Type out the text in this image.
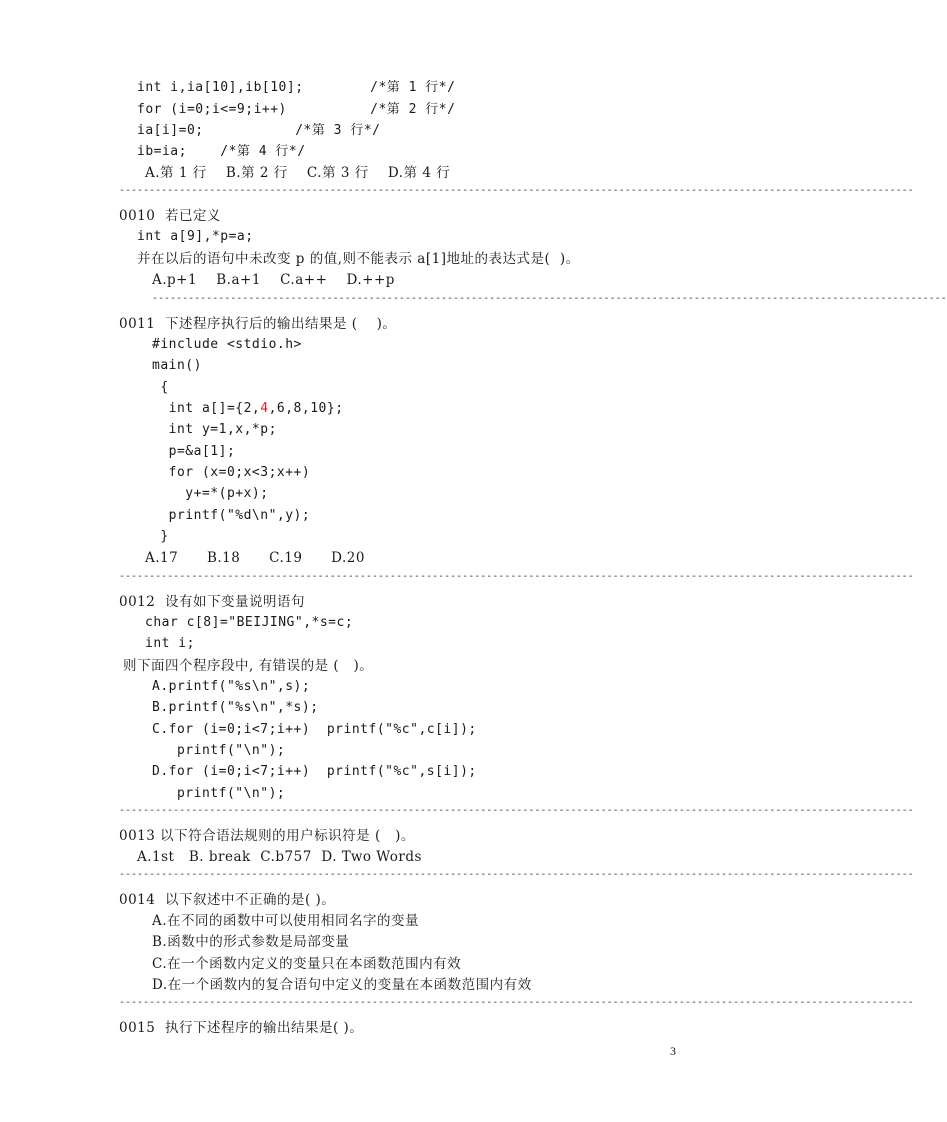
int i,ia[10],ib[10];        /*第 1 行*/
for (i=0;i<=9;i++)          /*第 2 行*/
ia[i]=0;           /*第 3 行*/
ib=ia;    /*第 4 行*/
A.第 1 行    B.第 2 行    C.第 3 行    D.第 4 行
------------------------------------------------------------------------------------------------------------------------------------
0010  若已定义
int a[9],*p=a;
并在以后的语句中未改变 p 的值,则不能表示 a[1]地址的表达式是(  )。
A.p+1    B.a+1    C.a++    D.++p
------------------------------------------------------------------------------------------------------------------------------------
0011  下述程序执行后的输出结果是 (    )。
#include <stdio.h>
main()
{
int a[]={2,4,6,8,10};
int y=1,x,*p;
p=&a[1];
for (x=0;x<3;x++)
y+=*(p+x);
printf("%d\n",y);
}
A.17      B.18      C.19      D.20
------------------------------------------------------------------------------------------------------------------------------------
0012  设有如下变量说明语句
char c[8]="BEIJING",*s=c;
int i;
则下面四个程序段中, 有错误的是 (   )。
A.printf("%s\n",s);
B.printf("%s\n",*s);
C.for (i=0;i<7;i++)  printf("%c",c[i]);
printf("\n");
D.for (i=0;i<7;i++)  printf("%c",s[i]);
printf("\n");
------------------------------------------------------------------------------------------------------------------------------------
0013 以下符合语法规则的用户标识符是 (   )。
A.1st   B. break  C.b757  D. Two Words
------------------------------------------------------------------------------------------------------------------------------------
0014  以下叙述中不正确的是( )。
A.在不同的函数中可以使用相同名字的变量
B.函数中的形式参数是局部变量
C.在一个函数内定义的变量只在本函数范围内有效
D.在一个函数内的复合语句中定义的变量在本函数范围内有效
------------------------------------------------------------------------------------------------------------------------------------
0015  执行下述程序的输出结果是( )。
3
